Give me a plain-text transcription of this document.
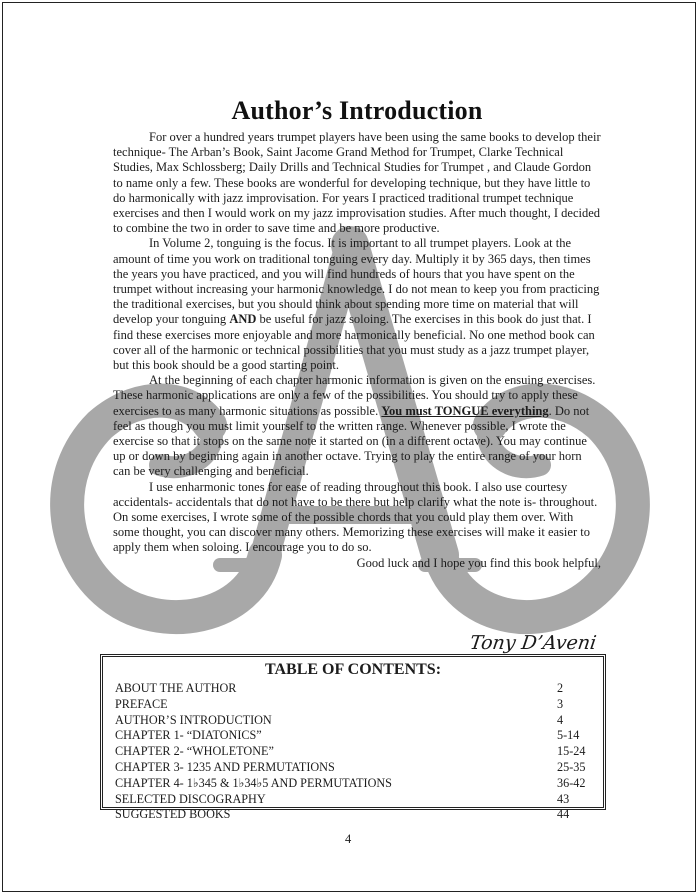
Author’s Introduction

For over a hundred years trumpet players have been using the same books to develop their technique- The Arban’s Book, Saint Jacome Grand Method for Trumpet, Clarke Technical Studies, Max Schlossberg; Daily Drills and Technical Studies for Trumpet , and Claude Gordon to name only a few. These books are wonderful for developing technique, but they have little to do harmonically with jazz improvisation. For years I practiced traditional trumpet technique exercises and then I would work on my jazz improvisation studies. After much thought, I decided to combine the two in order to save time and be more productive.

In Volume 2, tonguing is the focus. It is important to all trumpet players. Look at the amount of time you work on traditional tonguing every day. Multiply it by 365 days, then times the years you have practiced, and you will find hundreds of hours that you have spent on the trumpet without increasing your harmonic knowledge. I do not mean to keep you from practicing the traditional exercises, but you should think about spending more time on material that will develop your tonguing AND be useful for jazz soloing. The exercises in this book do just that. I find these exercises more enjoyable and more harmonically beneficial. No one method book can cover all of the harmonic or technical possibilities that you must study as a jazz trumpet player, but this book should be a good starting point.

At the beginning of each chapter harmonic information is given on the ensuing exercises. These harmonic applications are only a few of the possibilities. You should try to apply these exercises to as many harmonic situations as possible. You must TONGUE everything. Do not feel as though you must limit yourself to the written range. Whenever possible, I wrote the exercise so that it stops on the same note it started on (in a different octave). You may continue up or down by beginning again in another octave. Trying to play the entire range of your horn can be very challenging and beneficial.

I use enharmonic tones for ease of reading throughout this book. I also use courtesy accidentals- accidentals that do not have to be there but help clarify what the note is- throughout. On some exercises, I wrote some of the possible chords that you could play them over. With some thought, you can discover many others. Memorizing these exercises will make it easier to apply them when soloing. I encourage you to do so.

Good luck and I hope you find this book helpful,
Tony D’Aveni
TABLE OF CONTENTS:
ABOUT THE AUTHOR	2
PREFACE	3
AUTHOR’S INTRODUCTION	4
CHAPTER 1- “DIATONICS”	5-14
CHAPTER 2- “WHOLETONE”	15-24
CHAPTER 3- 1235 AND PERMUTATIONS	25-35
CHAPTER 4- 1♭345 & 1♭34♭5 AND PERMUTATIONS	36-42
SELECTED DISCOGRAPHY	43
SUGGESTED BOOKS	44
4
